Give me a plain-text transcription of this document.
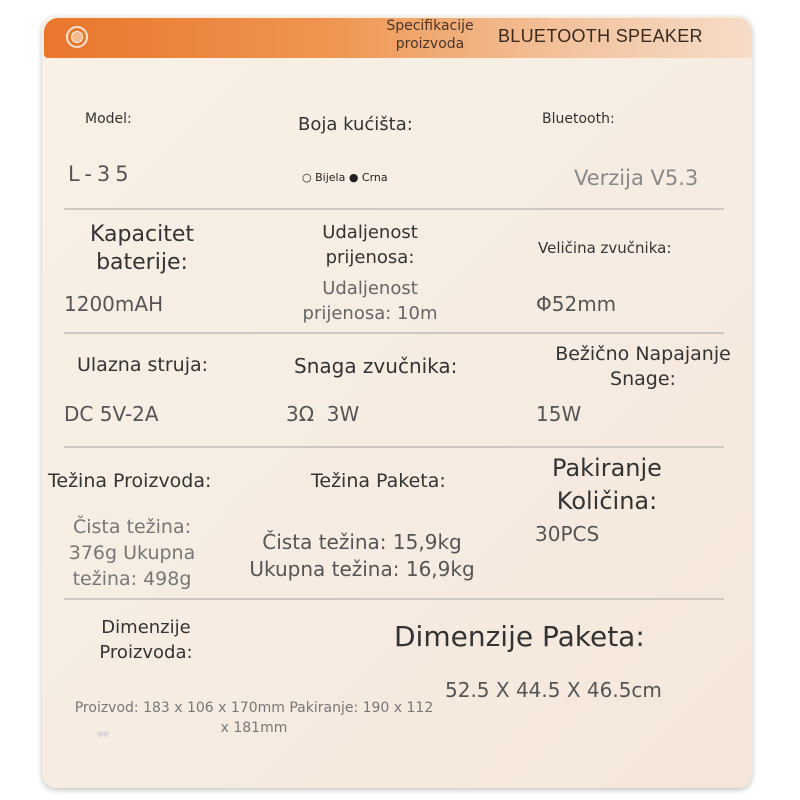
Specifikacije proizvoda	BLUETOOTH SPEAKER
Model:
L-35
Boja kućišta:
○ Bijela ● Crna
Bluetooth:
Verzija V5.3
Kapacitet baterije:
1200mAH
Udaljenost prijenosa:
Udaljenost prijenosa: 10m
Veličina zvučnika:
Φ52mm
Ulazna struja:
DC 5V-2A
Snaga zvučnika:
3Ω  3W
Bežično Napajanje Snage:
15W
Težina Proizvoda:
Čista težina: 376g Ukupna težina: 498g
Težina Paketa:
Čista težina: 15,9kg Ukupna težina: 16,9kg
Pakiranje Količina:
30PCS
Dimenzije Proizvoda:
Proizvod: 183 x 106 x 170mm Pakiranje: 190 x 112 x 181mm
Dimenzije Paketa:
52.5 X 44.5 X 46.5cm
